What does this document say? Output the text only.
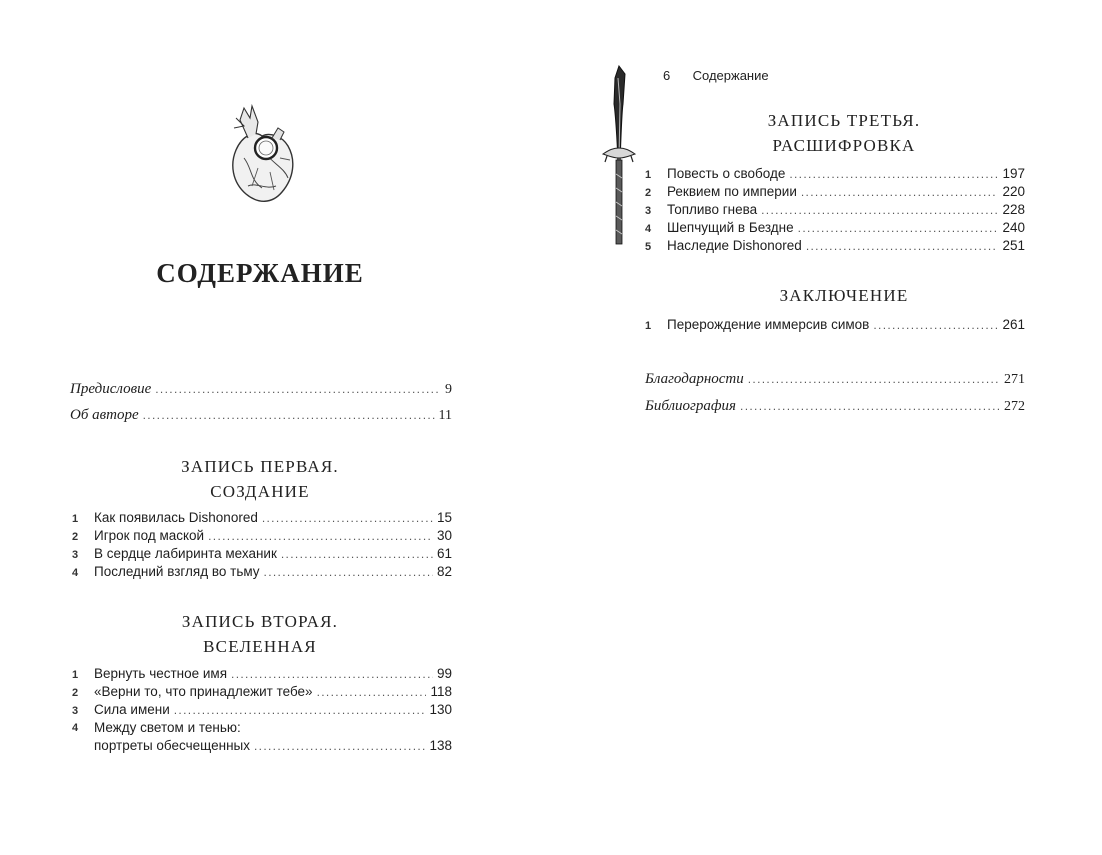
СОДЕРЖАНИЕ
Предисловие . . .	9
Об авторе . . .	11
ЗАПИСЬ ПЕРВАЯ.
СОЗДАНИЕ
1	Как появилась Dishonored . . .	15
2	Игрок под маской . . .	30
3	В сердце лабиринта механик . . .	61
4	Последний взгляд во тьму . . .	82
ЗАПИСЬ ВТОРАЯ.
ВСЕЛЕННАЯ
1	Вернуть честное имя . . .	99
2	«Верни то, что принадлежит тебе» . . .	118
3	Сила имени . . .	130
4 Между светом и тенью:
портреты обесчещенных . . .	138
6 Содержание
ЗАПИСЬ ТРЕТЬЯ.
РАСШИФРОВКА
1	Повесть о свободе . . .	197
2	Реквием по империи . . .	220
3	Топливо гнева . . .	228
4	Шепчущий в Бездне . . .	240
5	Наследие Dishonored . . .	251
ЗАКЛЮЧЕНИЕ
1	Перерождение иммерсив симов . . .	261
Благодарности . . .	271
Библиография . . .	272
